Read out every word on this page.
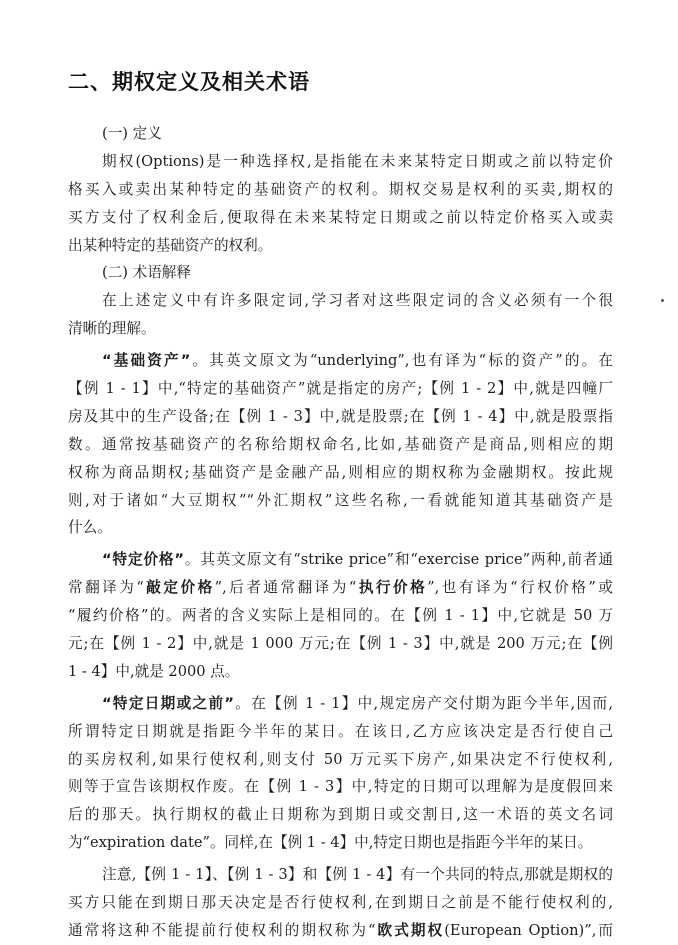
二、期权定义及相关术语
(一) 定义
期权(Options)是一种选择权,是指能在未来某特定日期或之前以特定价
格买入或卖出某种特定的基础资产的权利。期权交易是权利的买卖,期权的
买方支付了权利金后,便取得在未来某特定日期或之前以特定价格买入或卖
出某种特定的基础资产的权利。
(二) 术语解释
在上述定义中有许多限定词,学习者对这些限定词的含义必须有一个很
清晰的理解。
“基础资产”。其英文原文为“underlying”,也有译为“标的资产”的。在
【例 1 - 1】中,“特定的基础资产”就是指定的房产;【例 1 - 2】中,就是四幢厂
房及其中的生产设备;在【例 1 - 3】中,就是股票;在【例 1 - 4】中,就是股票指
数。通常按基础资产的名称给期权命名,比如,基础资产是商品,则相应的期
权称为商品期权;基础资产是金融产品,则相应的期权称为金融期权。按此规
则,对于诸如“大豆期权”“外汇期权”这些名称,一看就能知道其基础资产是
什么。
“特定价格”。其英文原文有“strike price”和“exercise price”两种,前者通
常翻译为“敲定价格”,后者通常翻译为“执行价格”,也有译为“行权价格”或
“履约价格”的。两者的含义实际上是相同的。在【例 1 - 1】中,它就是 50 万
元;在【例 1 - 2】中,就是 1 000 万元;在【例 1 - 3】中,就是 200 万元;在【例
1 - 4】中,就是 2000 点。
“特定日期或之前”。在【例 1 - 1】中,规定房产交付期为距今半年,因而,
所谓特定日期就是指距今半年的某日。在该日,乙方应该决定是否行使自己
的买房权利,如果行使权利,则支付 50 万元买下房产,如果决定不行使权利,
则等于宣告该期权作废。在【例 1 - 3】中,特定的日期可以理解为是度假回来
后的那天。执行期权的截止日期称为到期日或交割日,这一术语的英文名词
为“expiration date”。同样,在【例 1 - 4】中,特定日期也是指距今半年的某日。
注意,【例 1 - 1】、【例 1 - 3】和【例 1 - 4】有一个共同的特点,那就是期权的
买方只能在到期日那天决定是否行使权利,在到期日之前是不能行使权利的,
通常将这种不能提前行使权利的期权称为“欧式期权(European Option)”,而
